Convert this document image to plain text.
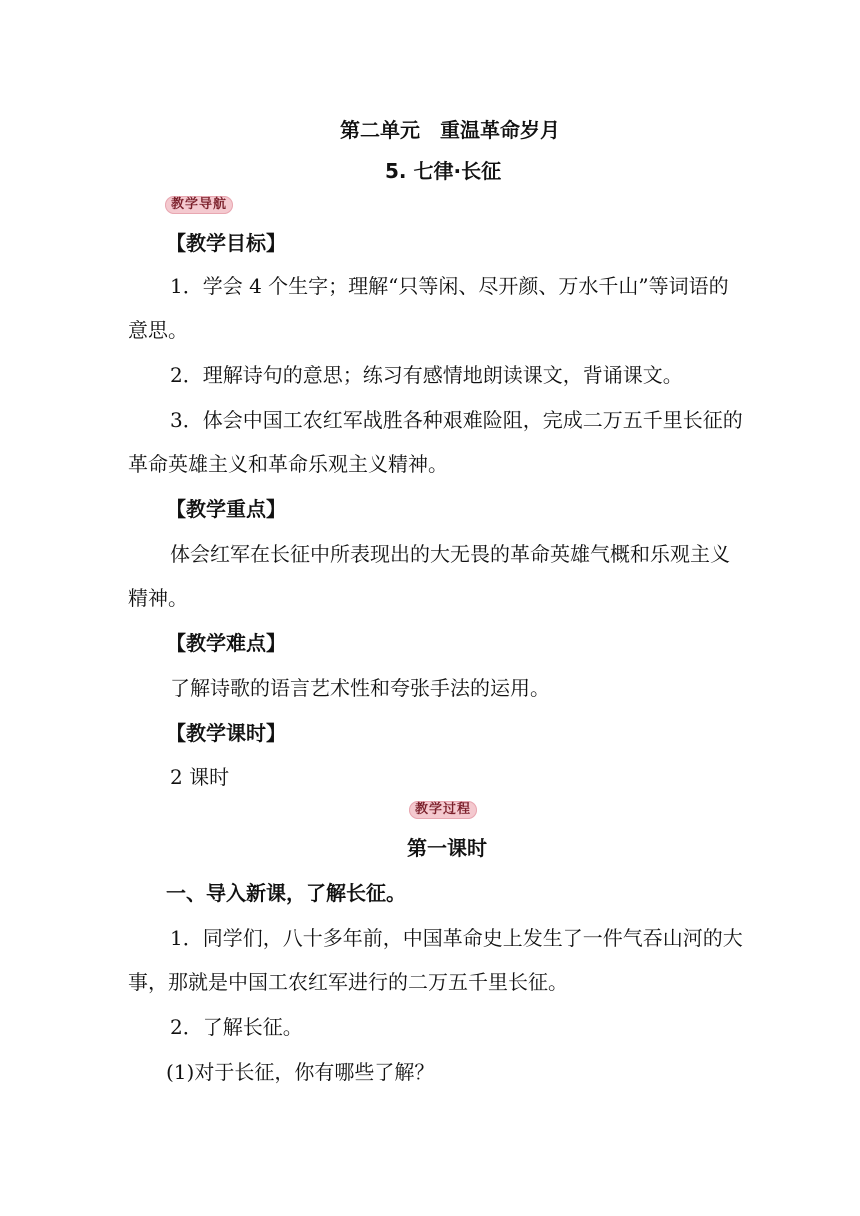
第二单元　重温革命岁月
5. 七律·长征
教学导航
【教学目标】
1．学会 4 个生字；理解“只等闲、尽开颜、万水千山”等词语的
意思。
2．理解诗句的意思；练习有感情地朗读课文，背诵课文。
3．体会中国工农红军战胜各种艰难险阻，完成二万五千里长征的
革命英雄主义和革命乐观主义精神。
【教学重点】
体会红军在长征中所表现出的大无畏的革命英雄气概和乐观主义
精神。
【教学难点】
了解诗歌的语言艺术性和夸张手法的运用。
【教学课时】
2 课时
教学过程
第一课时
一、导入新课，了解长征。
1．同学们，八十多年前，中国革命史上发生了一件气吞山河的大
事，那就是中国工农红军进行的二万五千里长征。
2．了解长征。
(1)对于长征，你有哪些了解？
